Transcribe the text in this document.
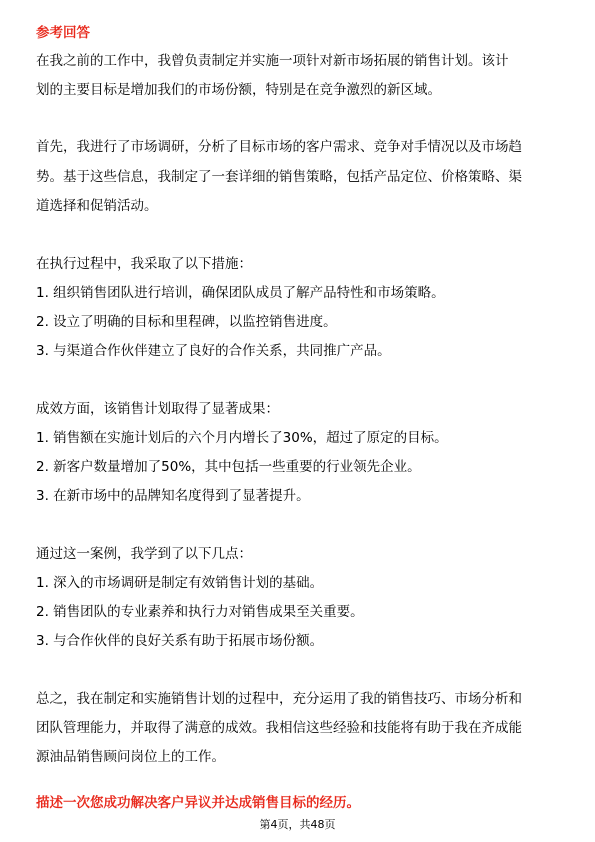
参考回答
在我之前的工作中，我曾负责制定并实施一项针对新市场拓展的销售计划。该计
划的主要目标是增加我们的市场份额，特别是在竞争激烈的新区域。
首先，我进行了市场调研，分析了目标市场的客户需求、竞争对手情况以及市场趋
势。基于这些信息，我制定了一套详细的销售策略，包括产品定位、价格策略、渠
道选择和促销活动。
在执行过程中，我采取了以下措施：
1. 组织销售团队进行培训，确保团队成员了解产品特性和市场策略。
2. 设立了明确的目标和里程碑，以监控销售进度。
3. 与渠道合作伙伴建立了良好的合作关系，共同推广产品。
成效方面，该销售计划取得了显著成果：
1. 销售额在实施计划后的六个月内增长了30%，超过了原定的目标。
2. 新客户数量增加了50%，其中包括一些重要的行业领先企业。
3. 在新市场中的品牌知名度得到了显著提升。
通过这一案例，我学到了以下几点：
1. 深入的市场调研是制定有效销售计划的基础。
2. 销售团队的专业素养和执行力对销售成果至关重要。
3. 与合作伙伴的良好关系有助于拓展市场份额。
总之，我在制定和实施销售计划的过程中，充分运用了我的销售技巧、市场分析和
团队管理能力，并取得了满意的成效。我相信这些经验和技能将有助于我在齐成能
源油品销售顾问岗位上的工作。
描述一次您成功解决客户异议并达成销售目标的经历。
第4页，共48页
